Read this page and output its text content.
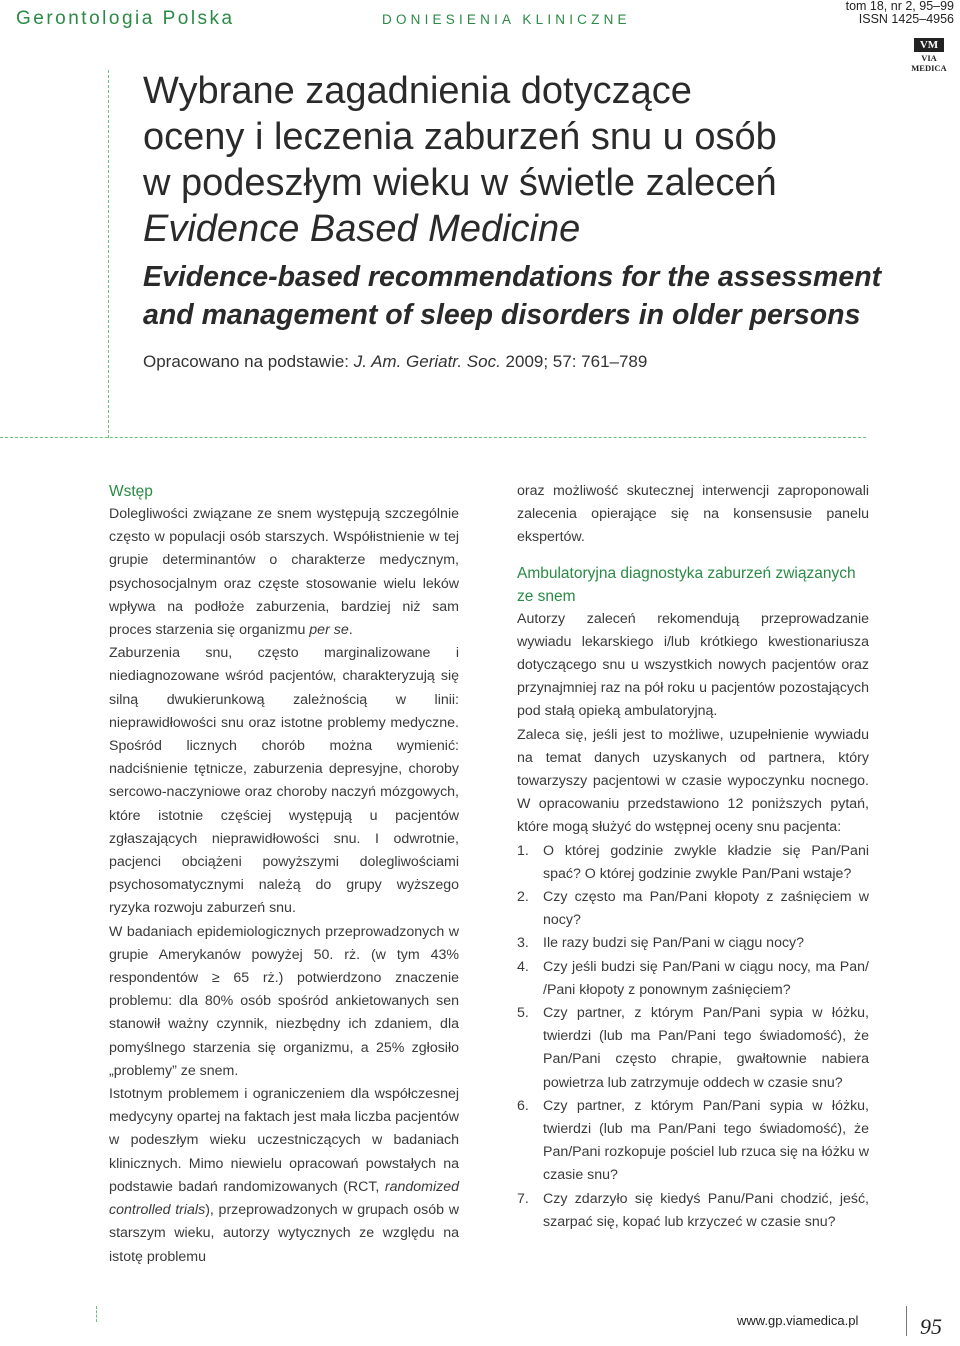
Gerontologia Polska	DONIESIENIA KLINICZNE
tom 18, nr 2, 95–99
ISSN 1425–4956
VM
VIA MEDICA
Wybrane zagadnienia dotyczące
oceny i leczenia zaburzeń snu u osób
w podeszłym wieku w świetle zaleceń
Evidence Based Medicine
Evidence-based recommendations for the assessment
and management of sleep disorders in older persons
Opracowano na podstawie: J. Am. Geriatr. Soc. 2009; 57: 761–789
Wstęp

Dolegliwości związane ze snem występują szczególnie często w populacji osób starszych. Współistnienie w tej grupie determinantów o charakterze medycznym, psychosocjalnym oraz częste stosowanie wielu leków wpływa na podłoże zaburzenia, bardziej niż sam proces starzenia się organizmu per se.

Zaburzenia snu, często marginalizowane i niediagnozowane wśród pacjentów, charakteryzują się silną dwukierunkową zależnością w linii: nieprawidłowości snu oraz istotne problemy medyczne. Spośród licznych chorób można wymienić: nadciśnienie tętnicze, zaburzenia depresyjne, choroby sercowo-naczyniowe oraz choroby naczyń mózgowych, które istotnie częściej występują u pacjentów zgłaszających nieprawidłowości snu. I odwrotnie, pacjenci obciążeni powyższymi dolegliwościami psychosomatycznymi należą do grupy wyższego ryzyka rozwoju zaburzeń snu.

W badaniach epidemiologicznych przeprowadzonych w grupie Amerykanów powyżej 50. rż. (w tym 43% respondentów ≥ 65 rż.) potwierdzono znaczenie problemu: dla 80% osób spośród ankietowanych sen stanowił ważny czynnik, niezbędny ich zdaniem, dla pomyślnego starzenia się organizmu, a 25% zgłosiło „problemy” ze snem.

Istotnym problemem i ograniczeniem dla współczesnej medycyny opartej na faktach jest mała liczba pacjentów w podeszłym wieku uczestniczących w badaniach klinicznych. Mimo niewielu opracowań powstałych na podstawie badań randomizowanych (RCT, randomized controlled trials), przeprowadzonych w grupach osób w starszym wieku, autorzy wytycznych ze względu na istotę problemu

oraz możliwość skutecznej interwencji zaproponowali zalecenia opierające się na konsensusie panelu ekspertów.

Ambulatoryjna diagnostyka zaburzeń związanych ze snem

Autorzy zaleceń rekomendują przeprowadzanie wywiadu lekarskiego i/lub krótkiego kwestionariusza dotyczącego snu u wszystkich nowych pacjentów oraz przynajmniej raz na pół roku u pacjentów pozostających pod stałą opieką ambulatoryjną.

Zaleca się, jeśli jest to możliwe, uzupełnienie wywiadu na temat danych uzyskanych od partnera, który towarzyszy pacjentowi w czasie wypoczynku nocnego. W opracowaniu przedstawiono 12 poniższych pytań, które mogą służyć do wstępnej oceny snu pacjenta:

1. O której godzinie zwykle kładzie się Pan/Pani spać? O której godzinie zwykle Pan/Pani wstaje?
2. Czy często ma Pan/Pani kłopoty z zaśnięciem w nocy?
3. Ile razy budzi się Pan/Pani w ciągu nocy?
4. Czy jeśli budzi się Pan/Pani w ciągu nocy, ma Pan/ /Pani kłopoty z ponownym zaśnięciem?
5. Czy partner, z którym Pan/Pani sypia w łóżku, twierdzi (lub ma Pan/Pani tego świadomość), że Pan/Pani często chrapie, gwałtownie nabiera powietrza lub zatrzymuje oddech w czasie snu?
6. Czy partner, z którym Pan/Pani sypia w łóżku, twierdzi (lub ma Pan/Pani tego świadomość), że Pan/Pani rozkopuje pościel lub rzuca się na łóżku w czasie snu?
7. Czy zdarzyło się kiedyś Panu/Pani chodzić, jeść, szarpać się, kopać lub krzyczeć w czasie snu?
www.gp.viamedica.pl	95
